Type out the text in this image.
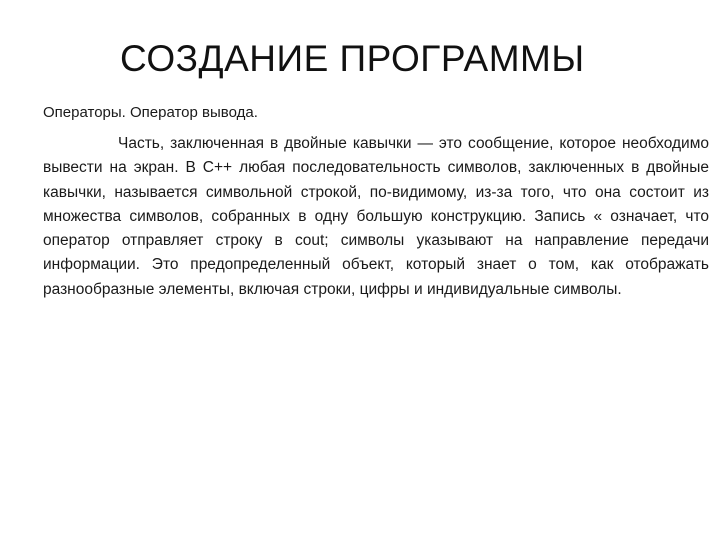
СОЗДАНИЕ ПРОГРАММЫ
Операторы. Оператор вывода.

Часть, заключенная в двойные кавычки — это сообщение, которое необходимо вывести на экран. В С++ любая последовательность символов, заключенных в двойные кавычки, называется символьной строкой, по-видимому, из-за того, что она состоит из множества символов, собранных в одну большую конструкцию. Запись « означает, что оператор отправляет строку в cout; символы указывают на направление передачи информации. Это предопределенный объект, который знает о том, как отображать разнообразные элементы, включая строки, цифры и индивидуальные символы.
